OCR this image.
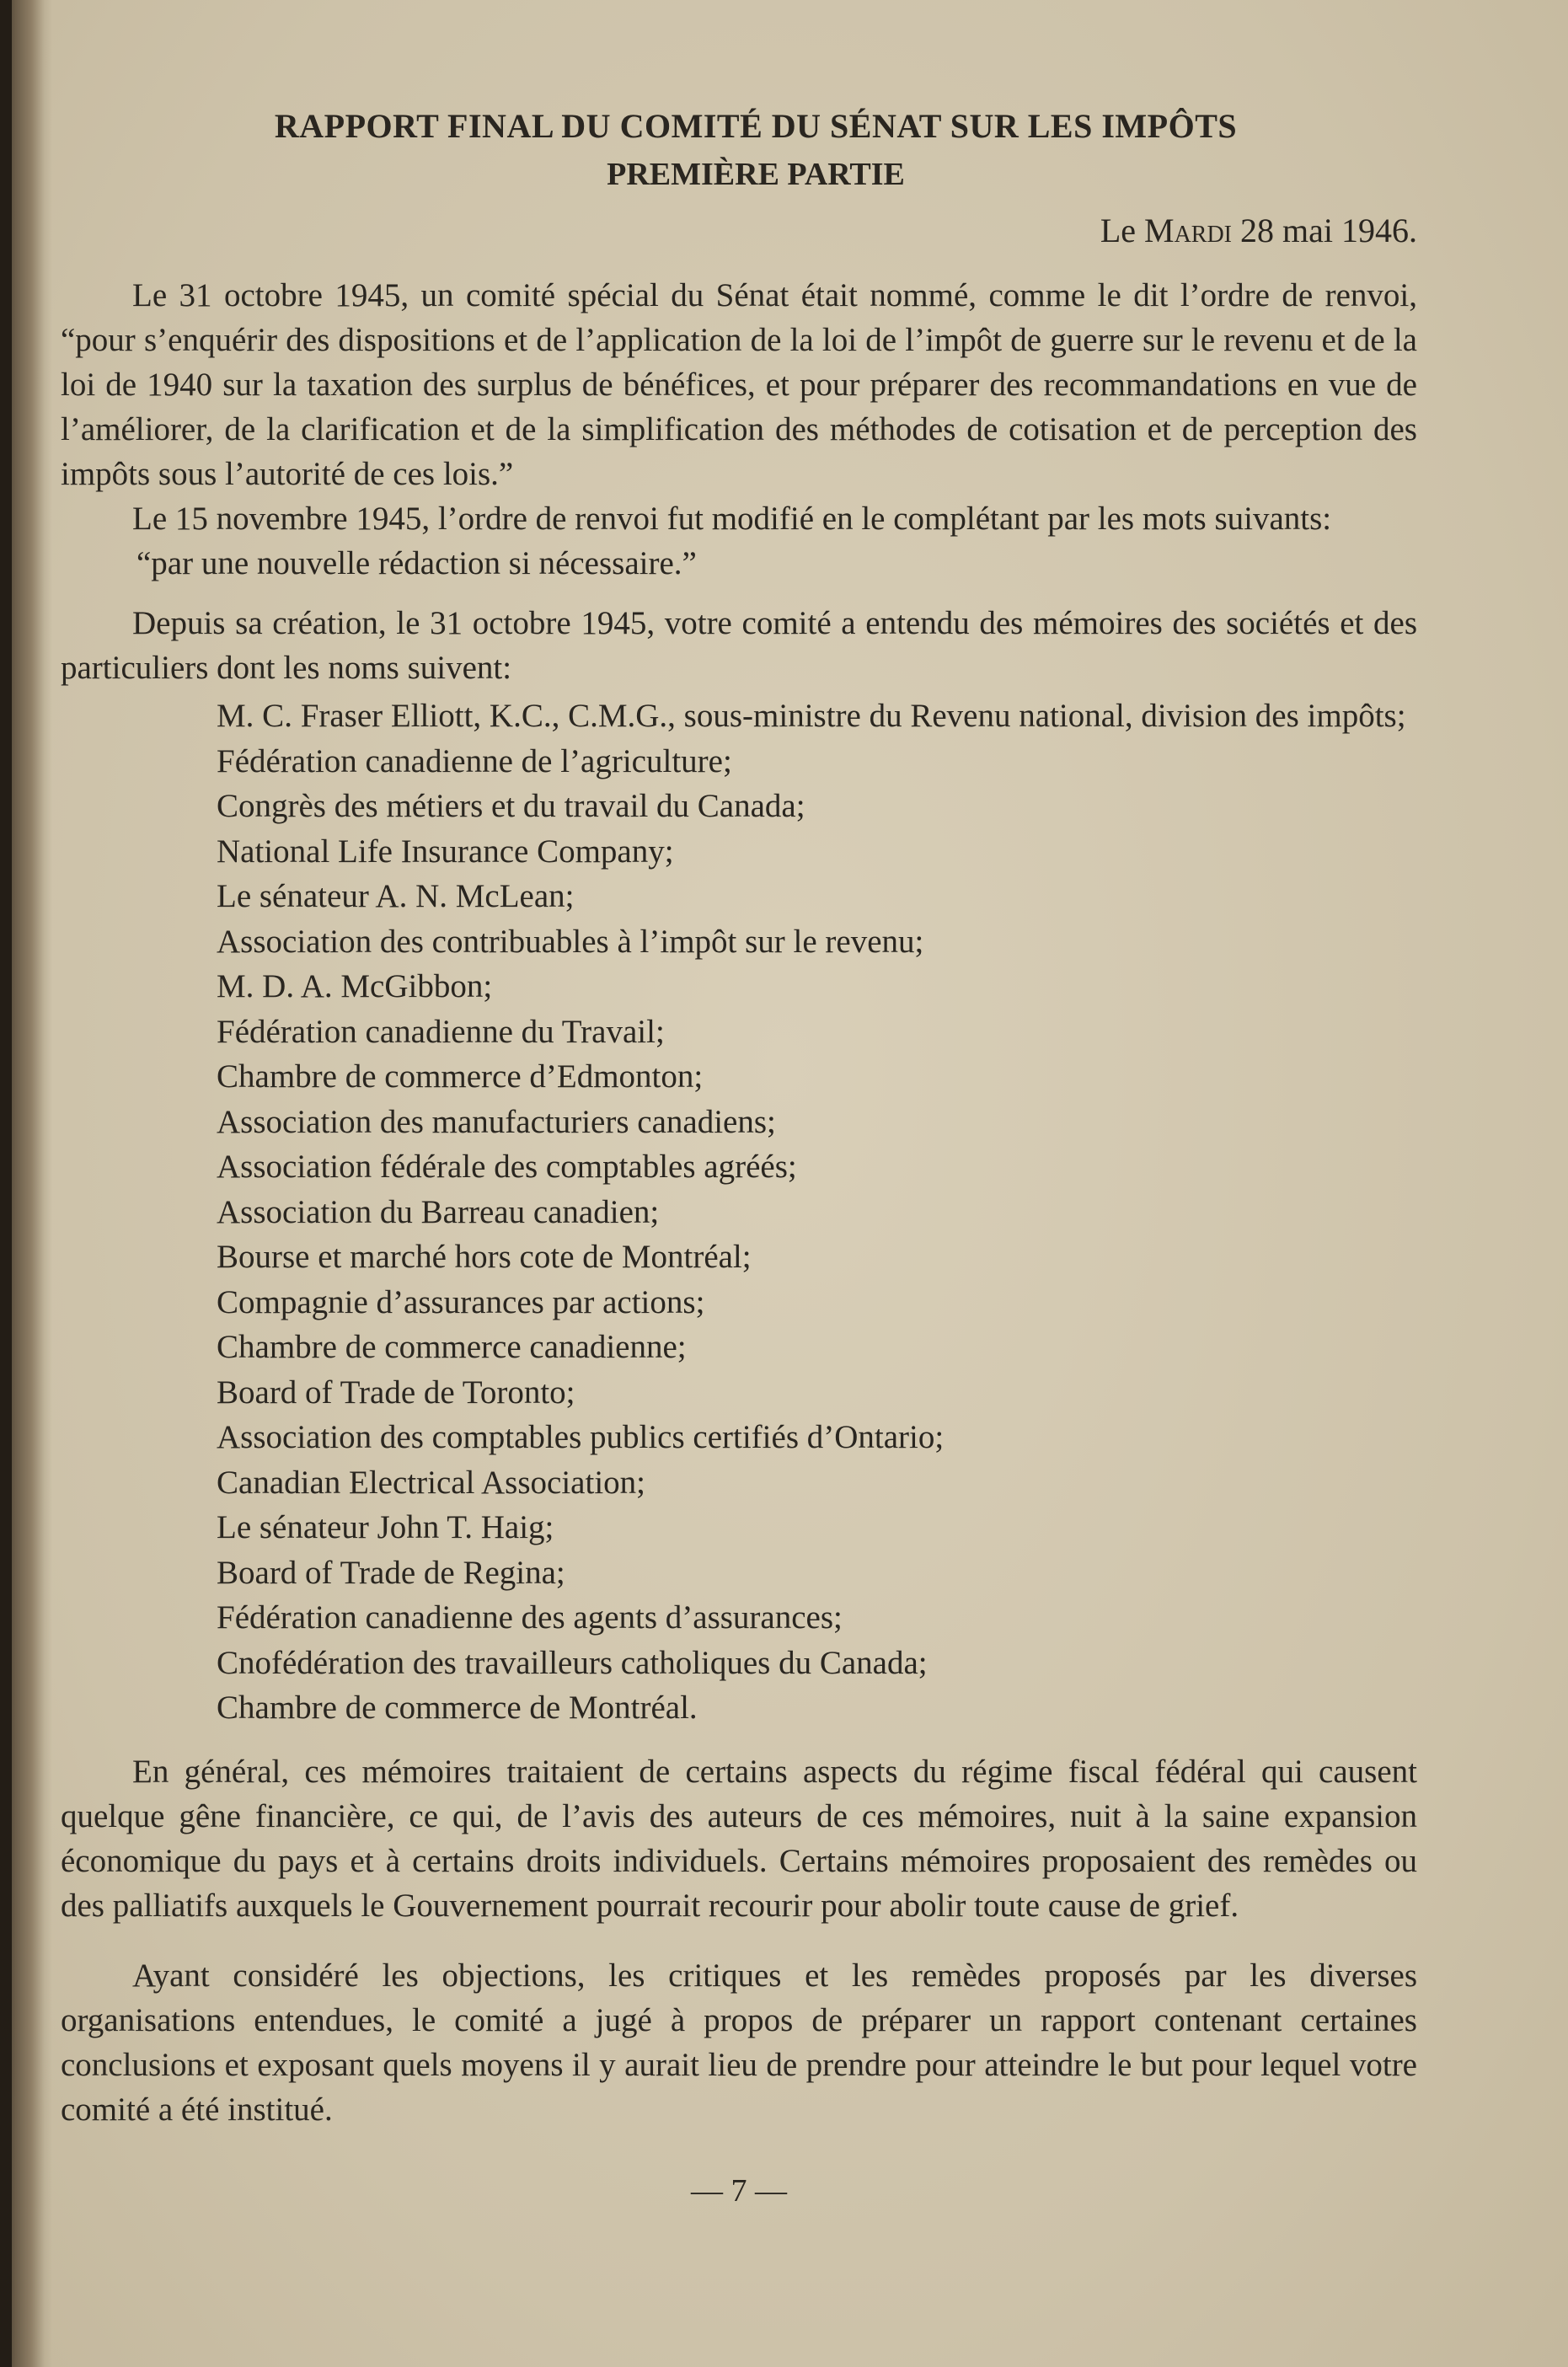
RAPPORT FINAL DU COMITÉ DU SÉNAT SUR LES IMPÔTS
PREMIÈRE PARTIE
Le Mardi 28 mai 1946.

Le 31 octobre 1945, un comité spécial du Sénat était nommé, comme le dit l’ordre de renvoi, “pour s’enquérir des dispositions et de l’application de la loi de l’impôt de guerre sur le revenu et de la loi de 1940 sur la taxation des surplus de bénéfices, et pour préparer des recommandations en vue de l’améliorer, de la clarification et de la simplification des méthodes de cotisation et de perception des impôts sous l’autorité de ces lois.”

Le 15 novembre 1945, l’ordre de renvoi fut modifié en le complétant par les mots suivants:

“par une nouvelle rédaction si nécessaire.”

Depuis sa création, le 31 octobre 1945, votre comité a entendu des mémoires des sociétés et des particuliers dont les noms suivent:

M. C. Fraser Elliott, K.C., C.M.G., sous-ministre du Revenu national, division des impôts;
Fédération canadienne de l’agriculture;
Congrès des métiers et du travail du Canada;
National Life Insurance Company;
Le sénateur A. N. McLean;
Association des contribuables à l’impôt sur le revenu;
M. D. A. McGibbon;
Fédération canadienne du Travail;
Chambre de commerce d’Edmonton;
Association des manufacturiers canadiens;
Association fédérale des comptables agréés;
Association du Barreau canadien;
Bourse et marché hors cote de Montréal;
Compagnie d’assurances par actions;
Chambre de commerce canadienne;
Board of Trade de Toronto;
Association des comptables publics certifiés d’Ontario;
Canadian Electrical Association;
Le sénateur John T. Haig;
Board of Trade de Regina;
Fédération canadienne des agents d’assurances;
Cnofédération des travailleurs catholiques du Canada;
Chambre de commerce de Montréal.

En général, ces mémoires traitaient de certains aspects du régime fiscal fédéral qui causent quelque gêne financière, ce qui, de l’avis des auteurs de ces mémoires, nuit à la saine expansion économique du pays et à certains droits individuels. Certains mémoires proposaient des remèdes ou des palliatifs auxquels le Gouvernement pourrait recourir pour abolir toute cause de grief.

Ayant considéré les objections, les critiques et les remèdes proposés par les diverses organisations entendues, le comité a jugé à propos de préparer un rapport contenant certaines conclusions et exposant quels moyens il y aurait lieu de prendre pour atteindre le but pour lequel votre comité a été institué.

— 7 —
